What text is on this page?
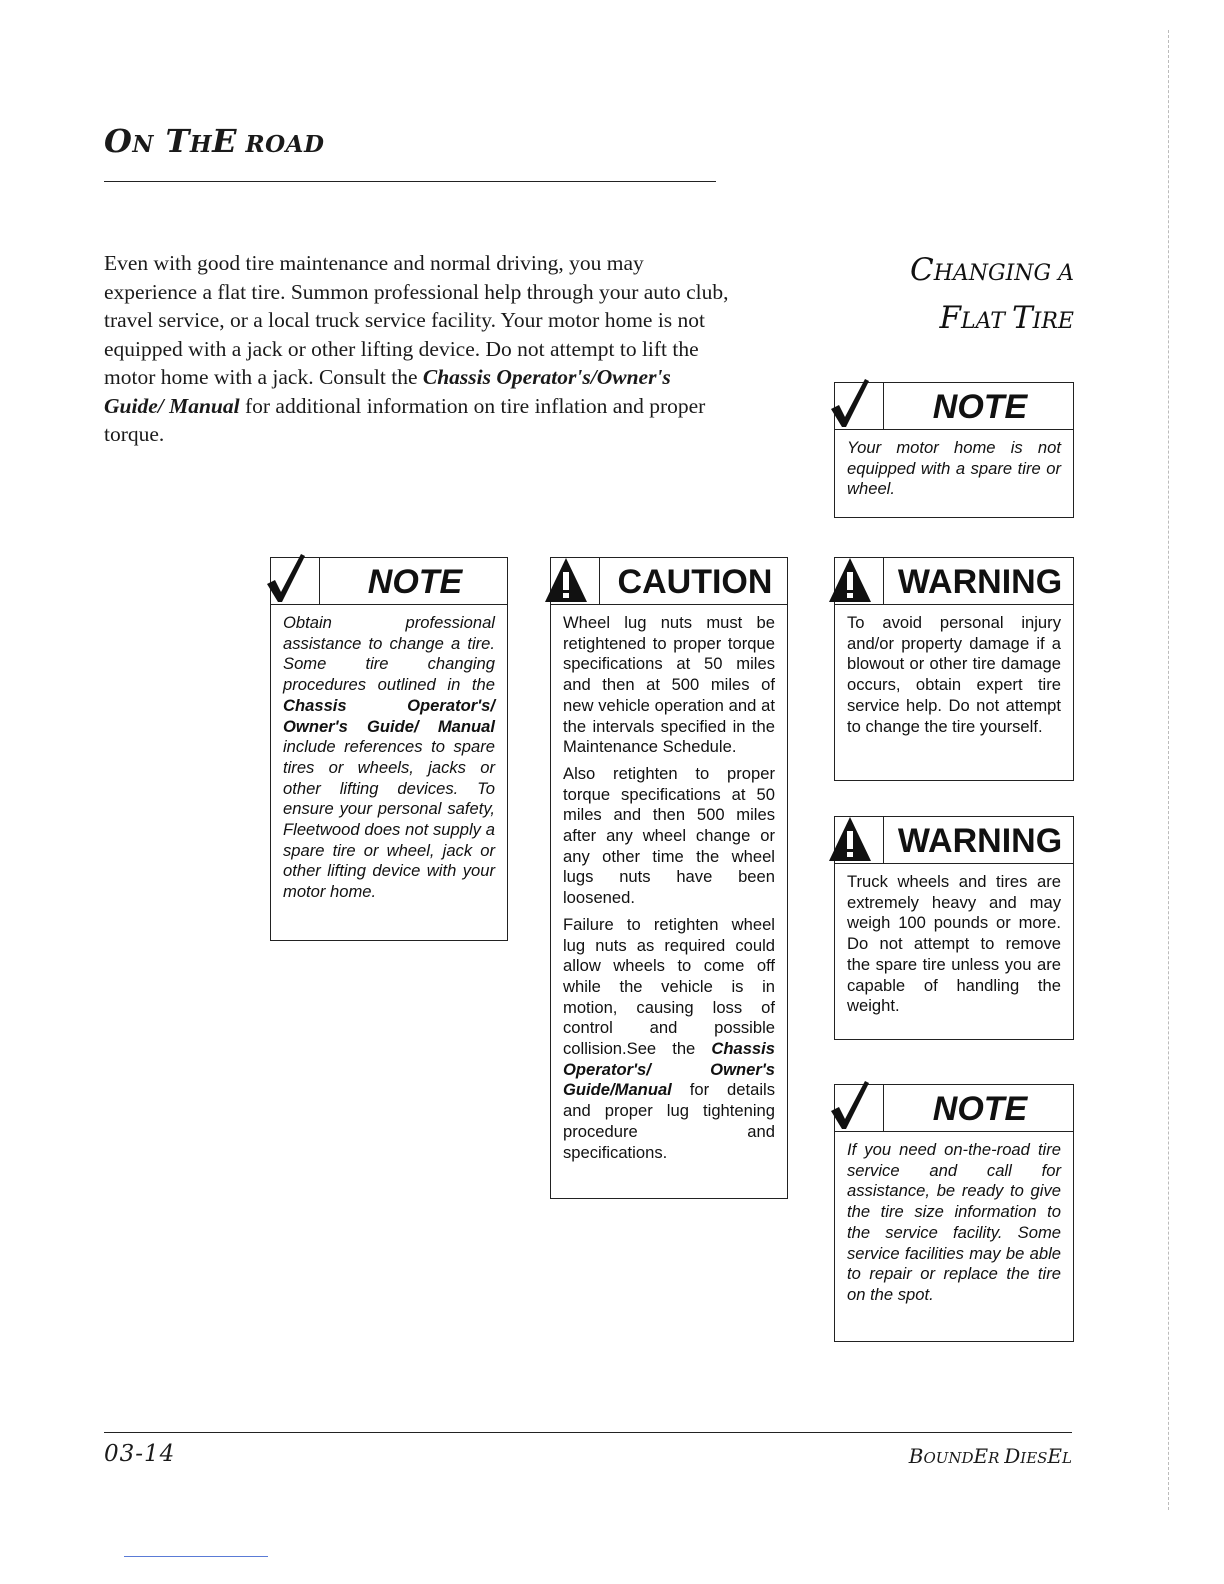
ON THE ROAD
Even with good tire maintenance and normal driving, you may experience a flat tire. Summon professional help through your auto club, travel service, or a local truck service facility. Your motor home is not equipped with a jack or other lifting device. Do not attempt to lift the motor home with a jack. Consult the Chassis Operator's/Owner's Guide/ Manual for additional information on tire inflation and proper torque.
CHANGING A
FLAT TIRE
NOTE
Your motor home is not equipped with a spare tire or wheel.
NOTE
Obtain professional assistance to change a tire. Some tire changing procedures outlined in the Chassis Operator's/ Owner's Guide/ Manual include references to spare tires or wheels, jacks or other lifting devices. To ensure your personal safety, Fleetwood does not supply a spare tire or wheel, jack or other lifting device with your motor home.
CAUTION

Wheel lug nuts must be retightened to proper torque specifications at 50 miles and then at 500 miles of new vehicle operation and at the intervals specified in the Maintenance Schedule.

Also retighten to proper torque specifications at 50 miles and then 500 miles after any wheel change or any other time the wheel lugs nuts have been loosened.

Failure to retighten wheel lug nuts as required could allow wheels to come off while the vehicle is in motion, causing loss of control and possible collision.See the Chassis Operator's/ Owner's Guide/Manual for details and proper lug tightening procedure and specifications.

WARNING
To avoid personal injury and/or property damage if a blowout or other tire damage occurs, obtain expert tire service help. Do not attempt to change the tire yourself.
WARNING
Truck wheels and tires are extremely heavy and may weigh 100 pounds or more. Do not attempt to remove the spare tire unless you are capable of handling the weight.
NOTE
If you need on-the-road tire service and call for assistance, be ready to give the tire size information to the service facility. Some service facilities may be able to repair or replace the tire on the spot.
03-14	BOUNDER DIESEL
